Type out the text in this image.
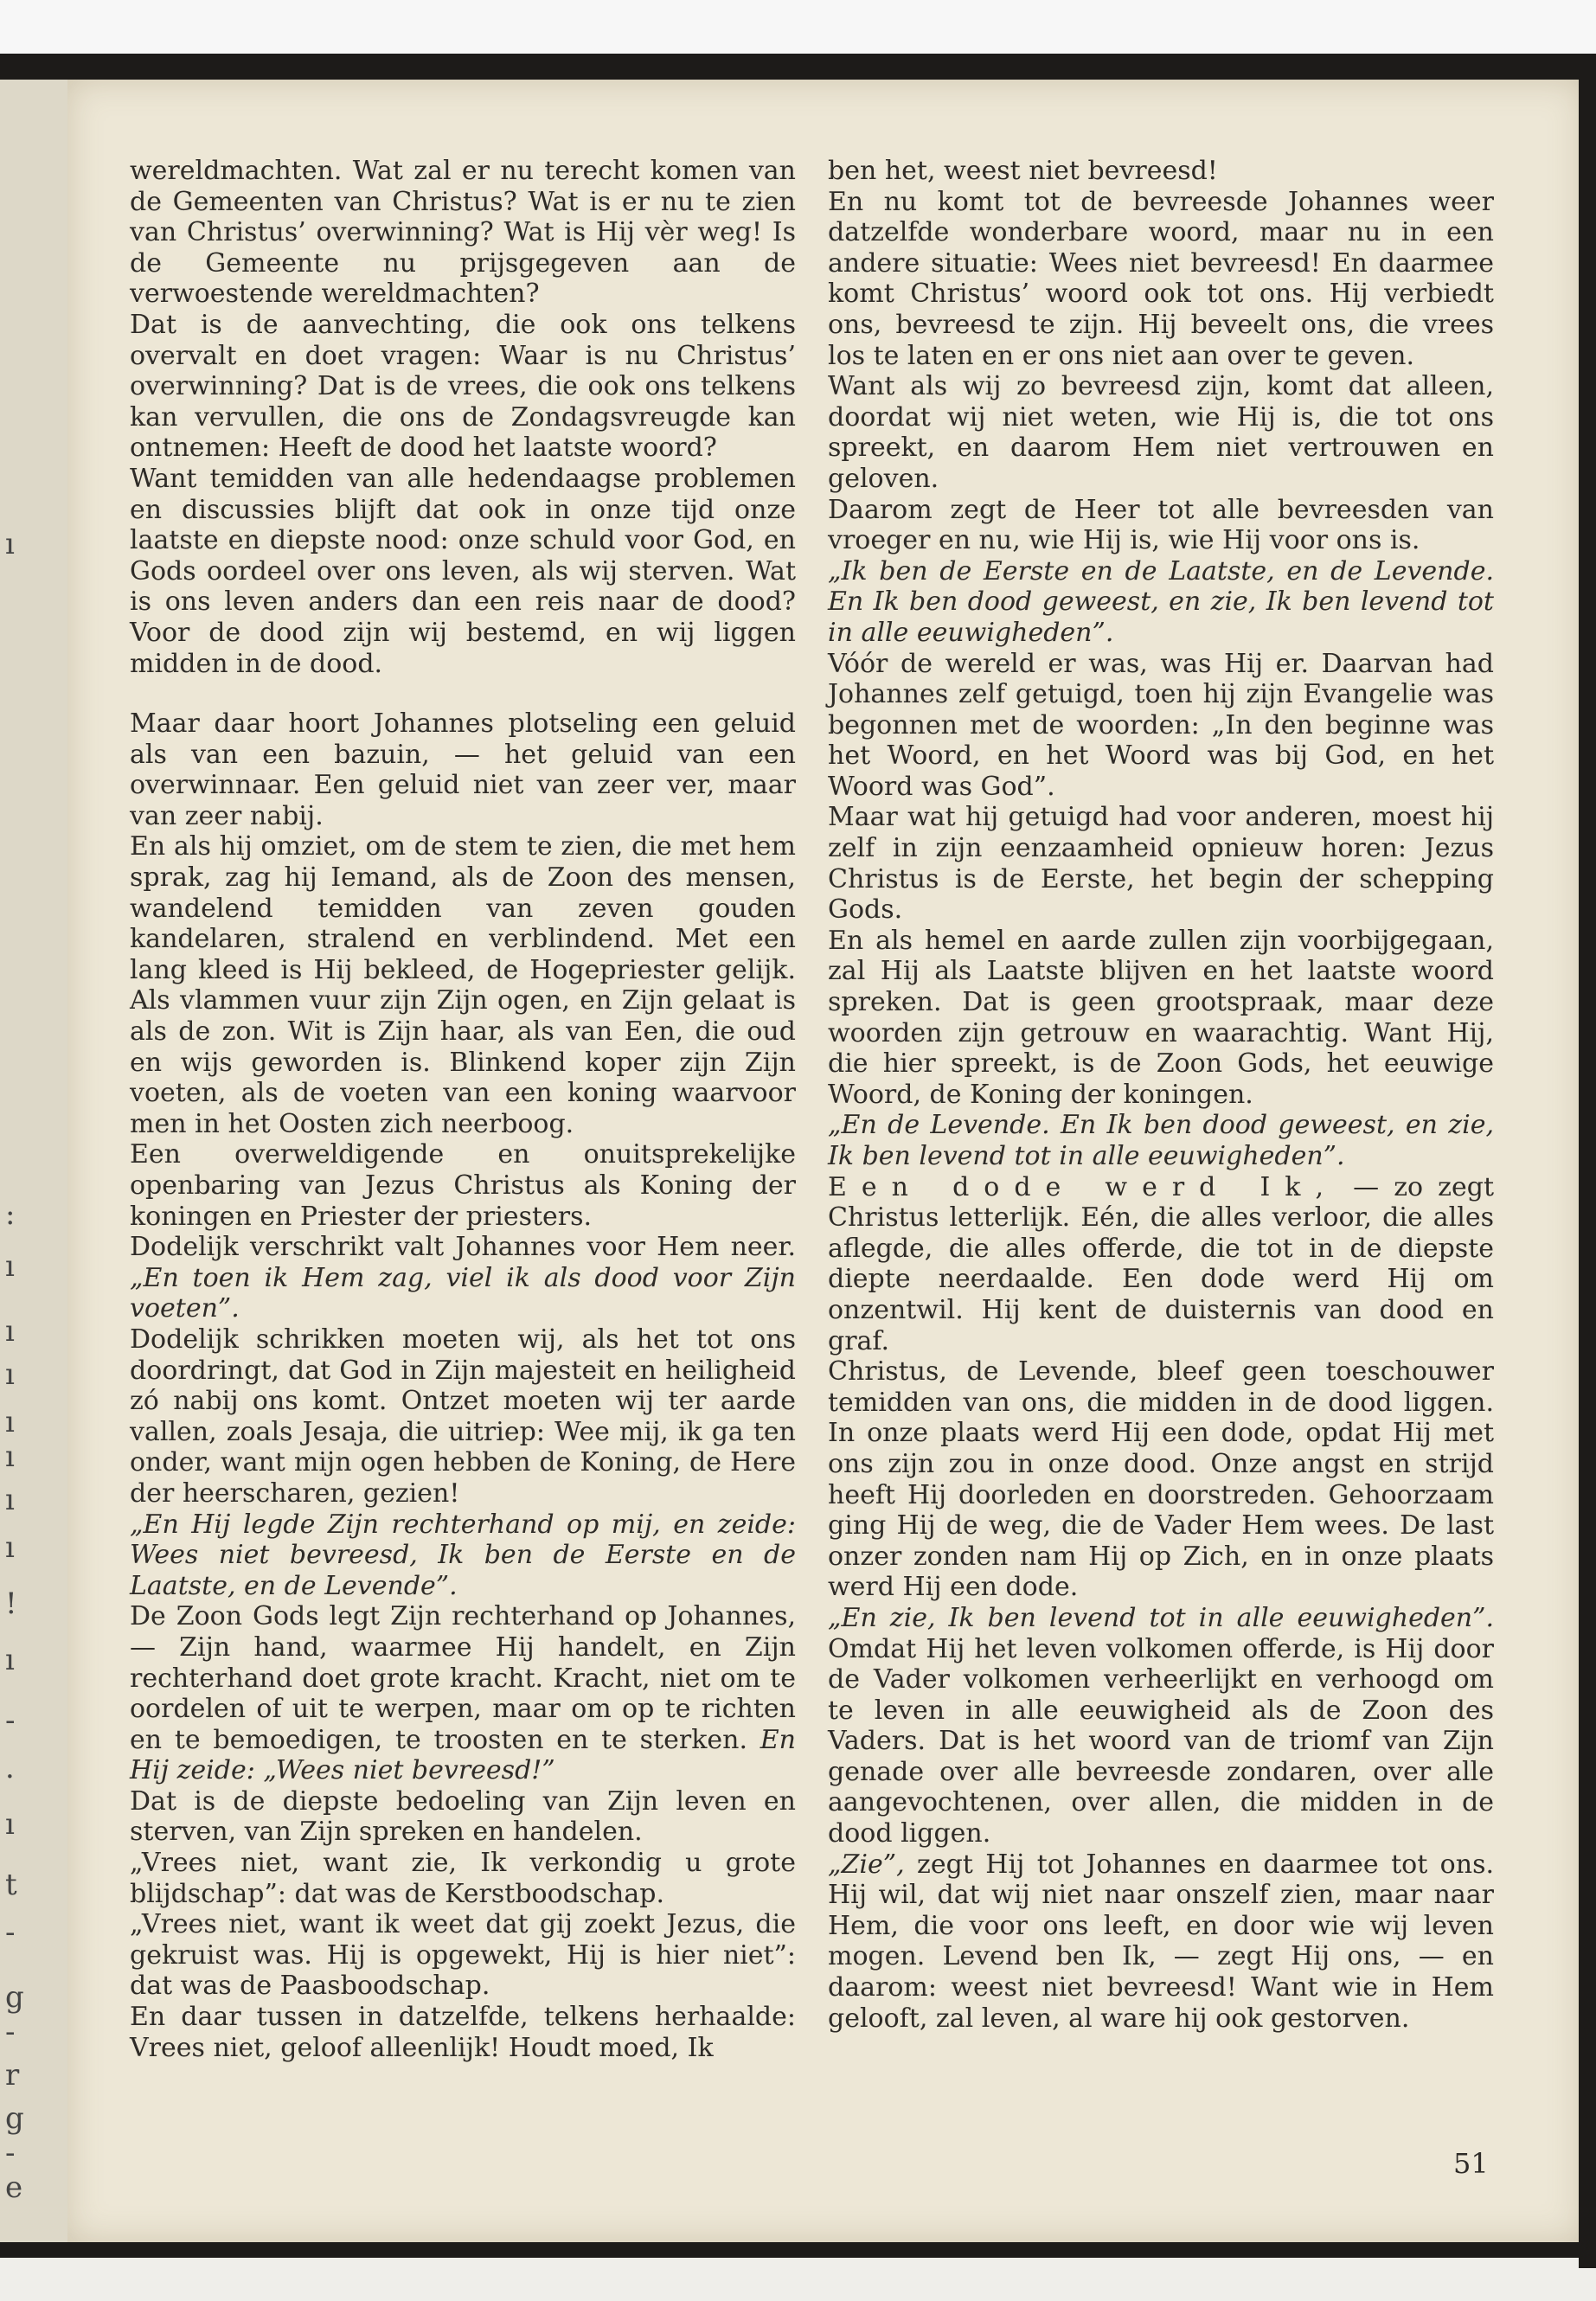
ı
:
ı
ı
ı
ı
ı
ı
ı
!
ı
-
·
ı
t
-
g
-
r
g
-
e

wereldmachten. Wat zal er nu terecht komen van de Gemeenten van Christus? Wat is er nu te zien van Christus’ overwinning? Wat is Hij vèr weg! Is de Gemeente nu prijsgegeven aan de verwoestende wereldmachten?

Dat is de aanvechting, die ook ons telkens overvalt en doet vragen: Waar is nu Christus’ overwinning? Dat is de vrees, die ook ons telkens kan vervullen, die ons de Zondagsvreugde kan ontnemen: Heeft de dood het laatste woord?

Want temidden van alle hedendaagse problemen en discussies blijft dat ook in onze tijd onze laatste en diepste nood: onze schuld voor God, en Gods oordeel over ons leven, als wij sterven. Wat is ons leven anders dan een reis naar de dood? Voor de dood zijn wij bestemd, en wij liggen midden in de dood.

Maar daar hoort Johannes plotseling een geluid als van een bazuin, — het geluid van een overwinnaar. Een geluid niet van zeer ver, maar van zeer nabij.

En als hij omziet, om de stem te zien, die met hem sprak, zag hij Iemand, als de Zoon des mensen, wandelend temidden van zeven gouden kandelaren, stralend en verblindend. Met een lang kleed is Hij bekleed, de Hogepriester gelijk. Als vlammen vuur zijn Zijn ogen, en Zijn gelaat is als de zon. Wit is Zijn haar, als van Een, die oud en wijs geworden is. Blinkend koper zijn Zijn voeten, als de voeten van een koning waarvoor men in het Oosten zich neerboog.

Een overweldigende en onuitsprekelijke openbaring van Jezus Christus als Koning der koningen en Priester der priesters.

Dodelijk verschrikt valt Johannes voor Hem neer. „En toen ik Hem zag, viel ik als dood voor Zijn voeten”.

Dodelijk schrikken moeten wij, als het tot ons doordringt, dat God in Zijn majesteit en heiligheid zó nabij ons komt. Ontzet moeten wij ter aarde vallen, zoals Jesaja, die uitriep: Wee mij, ik ga ten onder, want mijn ogen hebben de Koning, de Here der heerscharen, gezien!

„En Hij legde Zijn rechterhand op mij, en zeide: Wees niet bevreesd, Ik ben de Eerste en de Laatste, en de Levende”.

De Zoon Gods legt Zijn rechterhand op Johannes, — Zijn hand, waarmee Hij handelt, en Zijn rechterhand doet grote kracht. Kracht, niet om te oordelen of uit te werpen, maar om op te richten en te bemoedigen, te troosten en te sterken. En Hij zeide: „Wees niet bevreesd!”

Dat is de diepste bedoeling van Zijn leven en sterven, van Zijn spreken en handelen.

„Vrees niet, want zie, Ik verkondig u grote blijdschap”: dat was de Kerstboodschap.

„Vrees niet, want ik weet dat gij zoekt Jezus, die gekruist was. Hij is opgewekt, Hij is hier niet”: dat was de Paasboodschap.

En daar tussen in datzelfde, telkens herhaalde: Vrees niet, geloof alleenlijk! Houdt moed, Ik

ben het, weest niet bevreesd!

En nu komt tot de bevreesde Johannes weer datzelfde wonderbare woord, maar nu in een andere situatie: Wees niet bevreesd! En daarmee komt Christus’ woord ook tot ons. Hij verbiedt ons, bevreesd te zijn. Hij beveelt ons, die vrees los te laten en er ons niet aan over te geven.

Want als wij zo bevreesd zijn, komt dat alleen, doordat wij niet weten, wie Hij is, die tot ons spreekt, en daarom Hem niet vertrouwen en geloven.

Daarom zegt de Heer tot alle bevreesden van vroeger en nu, wie Hij is, wie Hij voor ons is.

„Ik ben de Eerste en de Laatste, en de Levende. En Ik ben dood geweest, en zie, Ik ben levend tot in alle eeuwigheden”.

Vóór de wereld er was, was Hij er. Daarvan had Johannes zelf getuigd, toen hij zijn Evangelie was begonnen met de woorden: „In den beginne was het Woord, en het Woord was bij God, en het Woord was God”.

Maar wat hij getuigd had voor anderen, moest hij zelf in zijn eenzaamheid opnieuw horen: Jezus Christus is de Eerste, het begin der schepping Gods.

En als hemel en aarde zullen zijn voorbijgegaan, zal Hij als Laatste blijven en het laatste woord spreken. Dat is geen grootspraak, maar deze woorden zijn getrouw en waarachtig. Want Hij, die hier spreekt, is de Zoon Gods, het eeuwige Woord, de Koning der koningen.

„En de Levende. En Ik ben dood geweest, en zie, Ik ben levend tot in alle eeuwigheden”.

Een dode werd Ik, — zo zegt Christus letterlijk. Eén, die alles verloor, die alles aflegde, die alles offerde, die tot in de diepste diepte neerdaalde. Een dode werd Hij om onzentwil. Hij kent de duisternis van dood en graf.

Christus, de Levende, bleef geen toeschouwer temidden van ons, die midden in de dood liggen. In onze plaats werd Hij een dode, opdat Hij met ons zijn zou in onze dood. Onze angst en strijd heeft Hij doorleden en doorstreden. Gehoorzaam ging Hij de weg, die de Vader Hem wees. De last onzer zonden nam Hij op Zich, en in onze plaats werd Hij een dode.

„En zie, Ik ben levend tot in alle eeuwigheden”. Omdat Hij het leven volkomen offerde, is Hij door de Vader volkomen verheerlijkt en verhoogd om te leven in alle eeuwigheid als de Zoon des Vaders. Dat is het woord van de triomf van Zijn genade over alle bevreesde zondaren, over alle aangevochtenen, over allen, die midden in de dood liggen.

„Zie”, zegt Hij tot Johannes en daarmee tot ons. Hij wil, dat wij niet naar onszelf zien, maar naar Hem, die voor ons leeft, en door wie wij leven mogen. Levend ben Ik, — zegt Hij ons, — en daarom: weest niet bevreesd! Want wie in Hem gelooft, zal leven, al ware hij ook gestorven.

51
